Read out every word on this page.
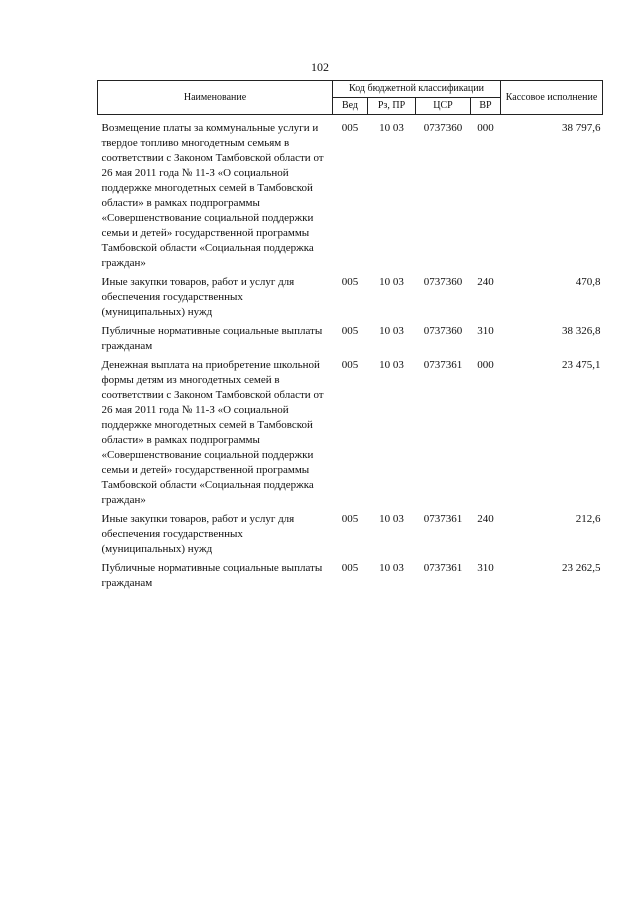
102
Наименование	Код бюджетной классификации				Кассовое исполнение
	Вед	Рз, ПР	ЦСР	ВР	

Возмещение платы за коммунальные услуги и твердое топливо многодетным семьям в соответствии с Законом Тамбовской области от 26 мая 2011 года № 11-З «О социальной поддержке многодетных семей в Тамбовской области» в рамках подпрограммы «Совершенствование социальной поддержки семьи и детей» государственной программы Тамбовской области «Социальная поддержка граждан»	005	10 03	0737360	000	38 797,6
Иные закупки товаров, работ и услуг для обеспечения государственных (муниципальных) нужд	005	10 03	0737360	240	470,8
Публичные нормативные социальные выплаты гражданам	005	10 03	0737360	310	38 326,8
Денежная выплата на приобретение школьной формы детям из многодетных семей в соответствии с Законом Тамбовской области от 26 мая 2011 года № 11-З «О социальной поддержке многодетных семей в Тамбовской области» в рамках подпрограммы «Совершенствование социальной поддержки семьи и детей» государственной программы Тамбовской области «Социальная поддержка граждан»	005	10 03	0737361	000	23 475,1
Иные закупки товаров, работ и услуг для обеспечения государственных (муниципальных) нужд	005	10 03	0737361	240	212,6
Публичные нормативные социальные выплаты гражданам	005	10 03	0737361	310	23 262,5
